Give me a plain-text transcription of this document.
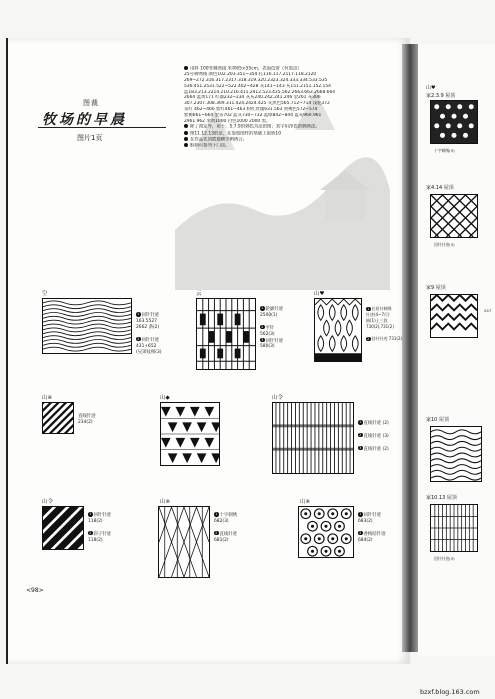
图裁
牧场的早晨
图片1页
用料 100等刺绣线 米黄65×55cm，表面色带（有黑边）
25号刺绣线 颜色102.203.351~354.扎116.117.2117.118.2120
269~272.316.317.2317.318.319.320.2323.324.333.334.533.535
536.451.2531.522~522.402~428 灰141~143 灰151.2151.152.154
蓝183.213.2214.210.216.411.2412.523.425.562.2663.663.2668.664
2664 蓝黄171 红器232~234 灰灰240.242.241.246 金261 灰306
307.2307.308.309.311.424.2424.425 灰黑色565.712~714 浅驼372
茶红 462~466 紫红461~463 粉红玫瑰631.563 黄褐色572~574
紫褐661~664 金茶702 蓝灰730~732 蓝绿842~844 蓝灰960.961
2961.962 米黄1000 白色1000 2000 黑。
除了图定外，用于，5.7.9的刺色为活的图；其字用净色的刺绣法。
图11.12.13的是，在参照图样的基础上取析10
在作品先到底都横少刺绣合。
框制可参刊于门店。
空
1 回针针迹
163.5527
2662 条(2)

2 回针针迹
431+652
(兄弟纹相(3)
云
1 轮廓针迹
2500(1)

2 平针
562(3)
3 回针针迹
580(3)
山♥
1 长短针刺绣
针迹(4~7行)
抽(1)上三段
730(2),731(2)

2 回针针迹 731(2)
山※
直线针迹
234(2)
山◆	山令
1 直线针迹 (2)

2 直线针迹 (3)

3 直线针迹 (2)
山令
1 回针针迹
118(2)

2 斜子针迹
118(2)
山※
1 十字刺绣
682(3)

2 直线针迹
681(2)
山※
1 回针针迹
683(2)

2 香梅结针迹
684(2)
<98>
山♥
家2.3.9 屋顶
十字刺绣(3)
家4.14 屋顶
回针针迹(3)
家9 屋顶
247
家10 屋顶
家10.13 屋顶
回针针迹(3)
bzxf.blog.163.com
